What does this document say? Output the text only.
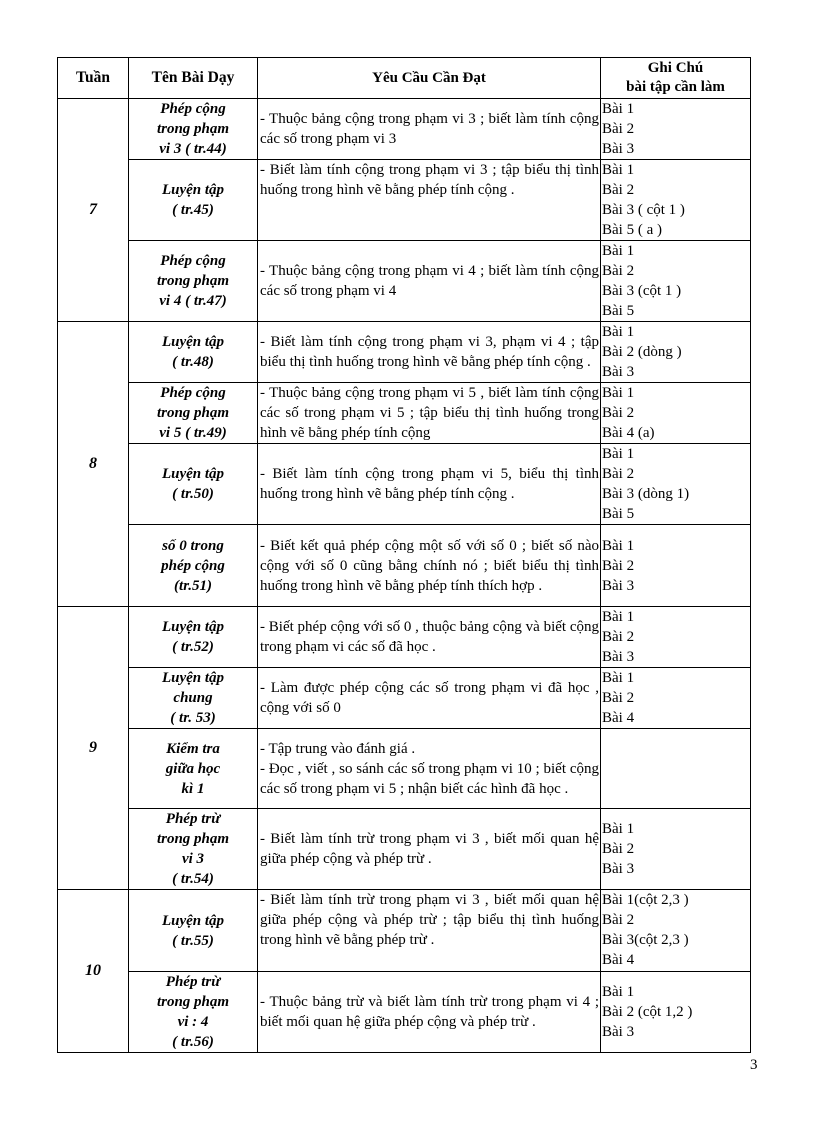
Tuần	Tên Bài Dạy	Yêu Cầu Cần Đạt	Ghi Chú
bài tập cần làm

7	Phép cộng
trong phạm
vi 3 ( tr.44)	- Thuộc bảng cộng trong phạm vi 3 ; biết làm tính cộng các số trong phạm vi 3	Bài 1
Bài 2
Bài 3

	Luyện tập
( tr.45)	- Biết làm tính cộng trong phạm vi 3 ; tập biểu thị tình huống trong hình vẽ bằng phép tính cộng .	Bài 1
Bài 2
Bài 3 ( cột 1 )
Bài 5 ( a )

	Phép cộng
trong phạm
vi 4 ( tr.47)	- Thuộc bảng cộng trong phạm vi 4 ; biết làm tính cộng các số trong phạm vi 4	Bài 1
Bài 2
Bài 3 (cột 1 )
Bài 5

8	Luyện tập
( tr.48)	- Biết làm tính cộng trong phạm vi 3, phạm vi 4 ; tập biểu thị tình huống trong hình vẽ bằng phép tính cộng .	Bài 1
Bài 2 (dòng )
Bài 3

	Phép cộng
trong phạm
vi 5 ( tr.49)	- Thuộc bảng cộng trong phạm vi 5 , biết làm tính cộng các số trong phạm vi 5 ; tập biểu thị tình huống trong hình vẽ bằng phép tính cộng	Bài 1
Bài 2
Bài 4 (a)

	Luyện tập
( tr.50)	- Biết làm tính cộng trong phạm vi 5, biểu thị tình huống trong hình vẽ bằng phép tính cộng .	Bài 1
Bài 2
Bài 3 (dòng 1)
Bài 5

	số 0 trong
phép cộng
(tr.51)	- Biết kết quả phép cộng một số với số 0 ; biết số nào cộng với số 0 cũng bằng chính nó ; biết biểu thị tình huống trong hình vẽ bằng phép tính thích hợp .	Bài 1
Bài 2
Bài 3

9	Luyện tập
( tr.52)	- Biết phép cộng với số 0 , thuộc bảng cộng và biết cộng trong phạm vi các số đã học .	Bài 1
Bài 2
Bài 3

	Luyện tập
chung
( tr. 53)	- Làm được phép cộng các số trong phạm vi đã học , cộng với số 0	Bài 1
Bài 2
Bài 4

	Kiểm tra
giữa học
kì 1	- Tập trung vào đánh giá .
- Đọc , viết , so sánh các số trong phạm vi 10 ; biết cộng các số trong phạm vi 5 ; nhận biết các hình đã học .	

	Phép trừ
trong phạm
vi 3
( tr.54)	- Biết làm tính trừ trong phạm vi 3 , biết mối quan hệ giữa phép cộng và phép trừ .	Bài 1
Bài 2
Bài 3

10	Luyện tập
( tr.55)	- Biết làm tính trừ trong phạm vi 3 , biết mối quan hệ giữa phép cộng và phép trừ ; tập biểu thị tình huống trong hình vẽ bằng phép trừ .	Bài 1(cột 2,3 )
Bài 2
Bài 3(cột 2,3 )
Bài 4

	Phép trừ
trong phạm
vi : 4
( tr.56)	- Thuộc bảng trừ và biết làm tính trừ trong phạm vi 4 ; biết mối quan hệ giữa phép cộng và phép trừ .	Bài 1
Bài 2 (cột 1,2 )
Bài 3
3
